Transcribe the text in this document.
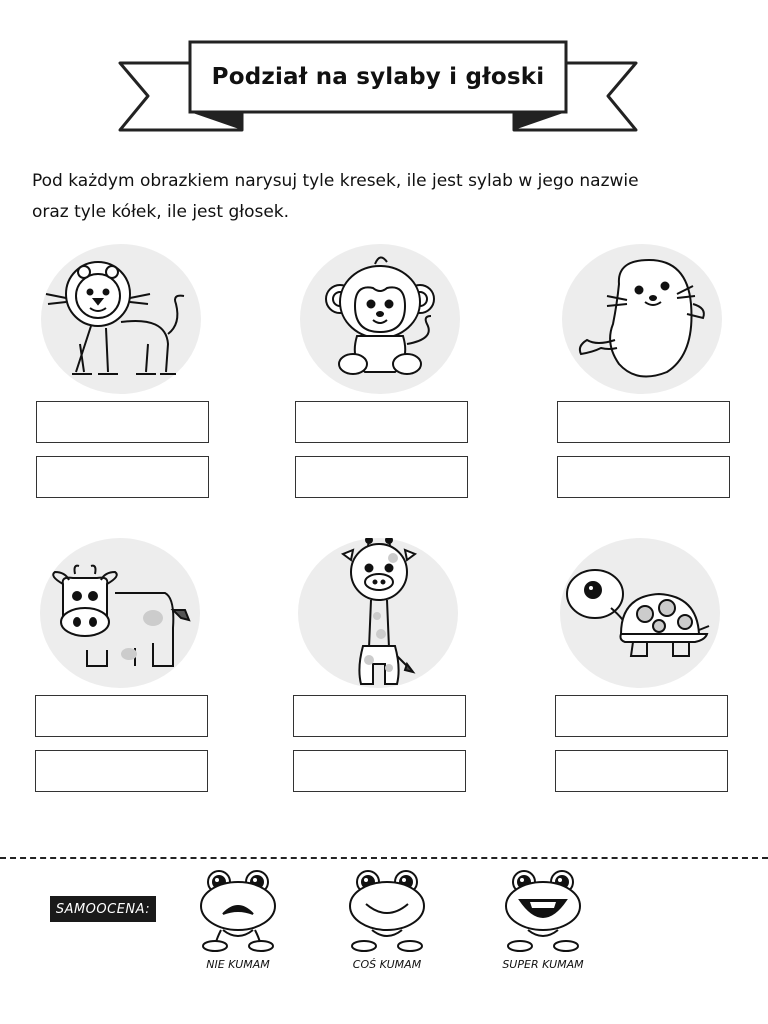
Podział na sylaby i głoski

Pod każdym obrazkiem narysuj tyle kresek, ile jest sylab w jego nazwie

oraz tyle kółek, ile jest głosek.

SAMOOCENA:
NIE KUMAM	COŚ KUMAM	SUPER KUMAM
